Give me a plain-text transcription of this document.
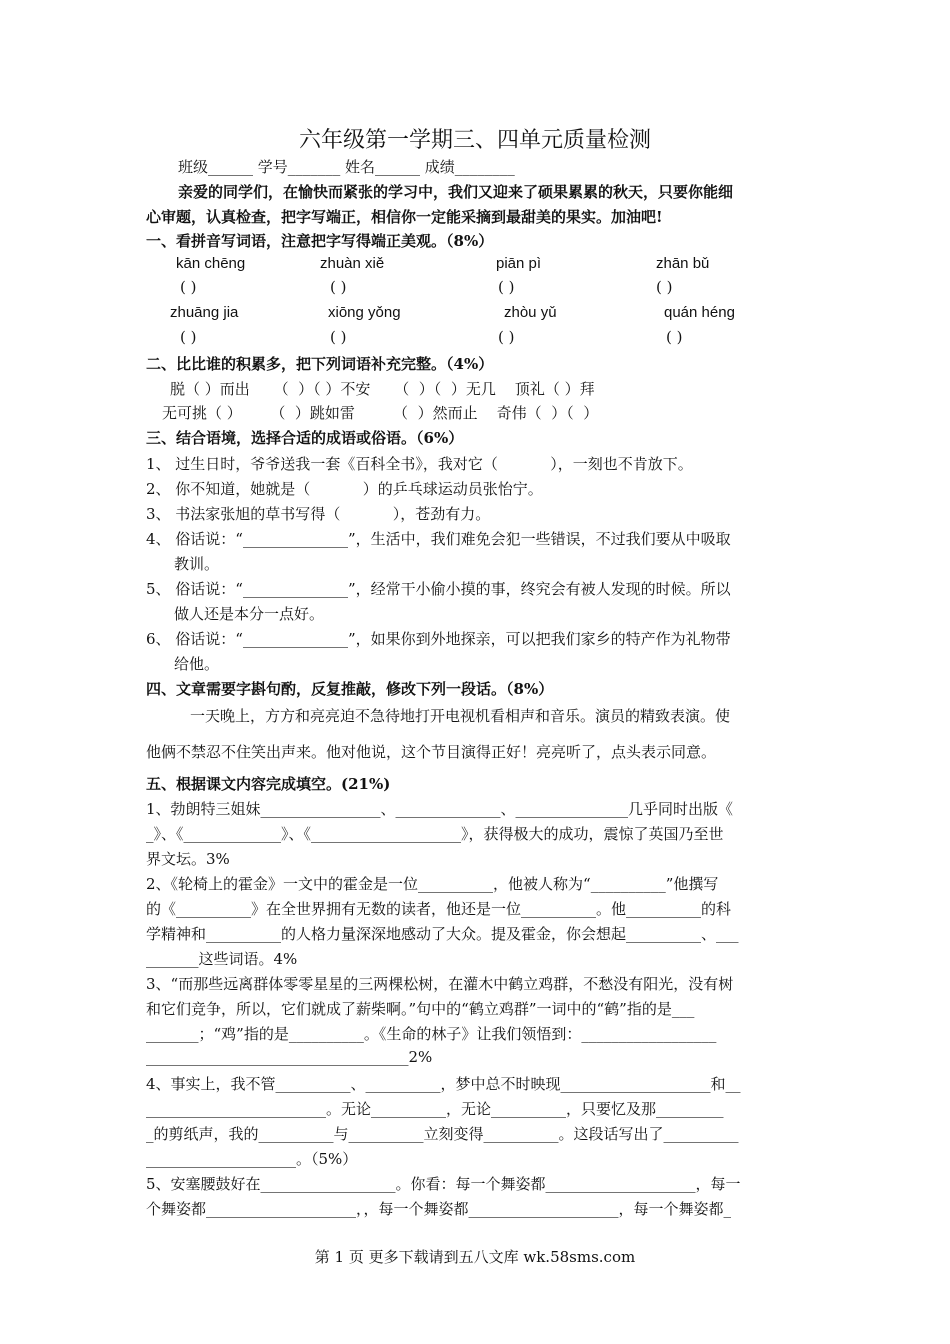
六年级第一学期三、四单元质量检测
班级______ 学号_______ 姓名______ 成绩________
亲爱的同学们，在愉快而紧张的学习中，我们又迎来了硕果累累的秋天，只要你能细
心审题，认真检查，把字写端正，相信你一定能采摘到最甜美的果实。加油吧!
一、看拼音写词语，注意把字写得端正美观。（8%）
kān chēng	zhuàn xiě	piān pì	zhān bǔ
( )	( )	( )	( )
zhuāng jia	xiōng yǒng	zhòu yǔ	quán héng
( )	( )	( )	( )
二、比比谁的积累多，把下列词语补充完整。（4%）
脱（ ）而出     （  ）（ ）不安     （  ）（  ）无几    顶礼（ ）拜
无可挑（ ）      （  ）跳如雷        （  ）然而止    奇伟（  ）（  ）
三、结合语境，选择合适的成语或俗语。（6%）
1、 过生日时，爷爷送我一套《百科全书》，我对它（           ），一刻也不肯放下。
2、 你不知道，她就是（           ）的乒乓球运动员张怡宁。
3、 书法家张旭的草书写得（           ），苍劲有力。
4、 俗话说：“______________”，生活中，我们难免会犯一些错误，不过我们要从中吸取
教训。
5、 俗话说：“______________”，经常干小偷小摸的事，终究会有被人发现的时候。所以
做人还是本分一点好。
6、 俗话说：“______________”，如果你到外地探亲，可以把我们家乡的特产作为礼物带
给他。
四、文章需要字斟句酌，反复推敲，修改下列一段话。（8%）
一天晚上，方方和亮亮迫不急待地打开电视机看相声和音乐。演员的精致表演。使
他俩不禁忍不住笑出声来。他对他说，这个节目演得正好！亮亮听了，点头表示同意。
五、根据课文内容完成填空。(21%)
1、勃朗特三姐妹________________、______________、_______________几乎同时出版《
_》、《_____________》、《____________________》，获得极大的成功，震惊了英国乃至世
界文坛。3%
2、《轮椅上的霍金》一文中的霍金是一位__________，他被人称为“__________”他撰写
的《__________》在全世界拥有无数的读者，他还是一位__________。他__________的科
学精神和__________的人格力量深深地感动了大众。提及霍金，你会想起__________、___
_______这些词语。4%
3、“而那些远离群体零零星星的三两棵松树，在灌木中鹤立鸡群，不愁没有阳光，没有树
和它们竞争，所以，它们就成了薪柴啊。”句中的“鹤立鸡群”一词中的“鹤”指的是___
_______；“鸡”指的是__________。《生命的林子》让我们领悟到：__________________
___________________________________2%
4、事实上，我不管__________、__________，梦中总不时映现____________________和__
________________________。无论__________，无论__________，只要忆及那_________
_的剪纸声，我的__________与__________立刻变得__________。这段话写出了__________
____________________。（5%）
5、安塞腰鼓好在__________________。你看：每一个舞姿都____________________，每一
个舞姿都____________________，，每一个舞姿都____________________，每一个舞姿都_
第 1 页 更多下载请到五八文库 wk.58sms.com
